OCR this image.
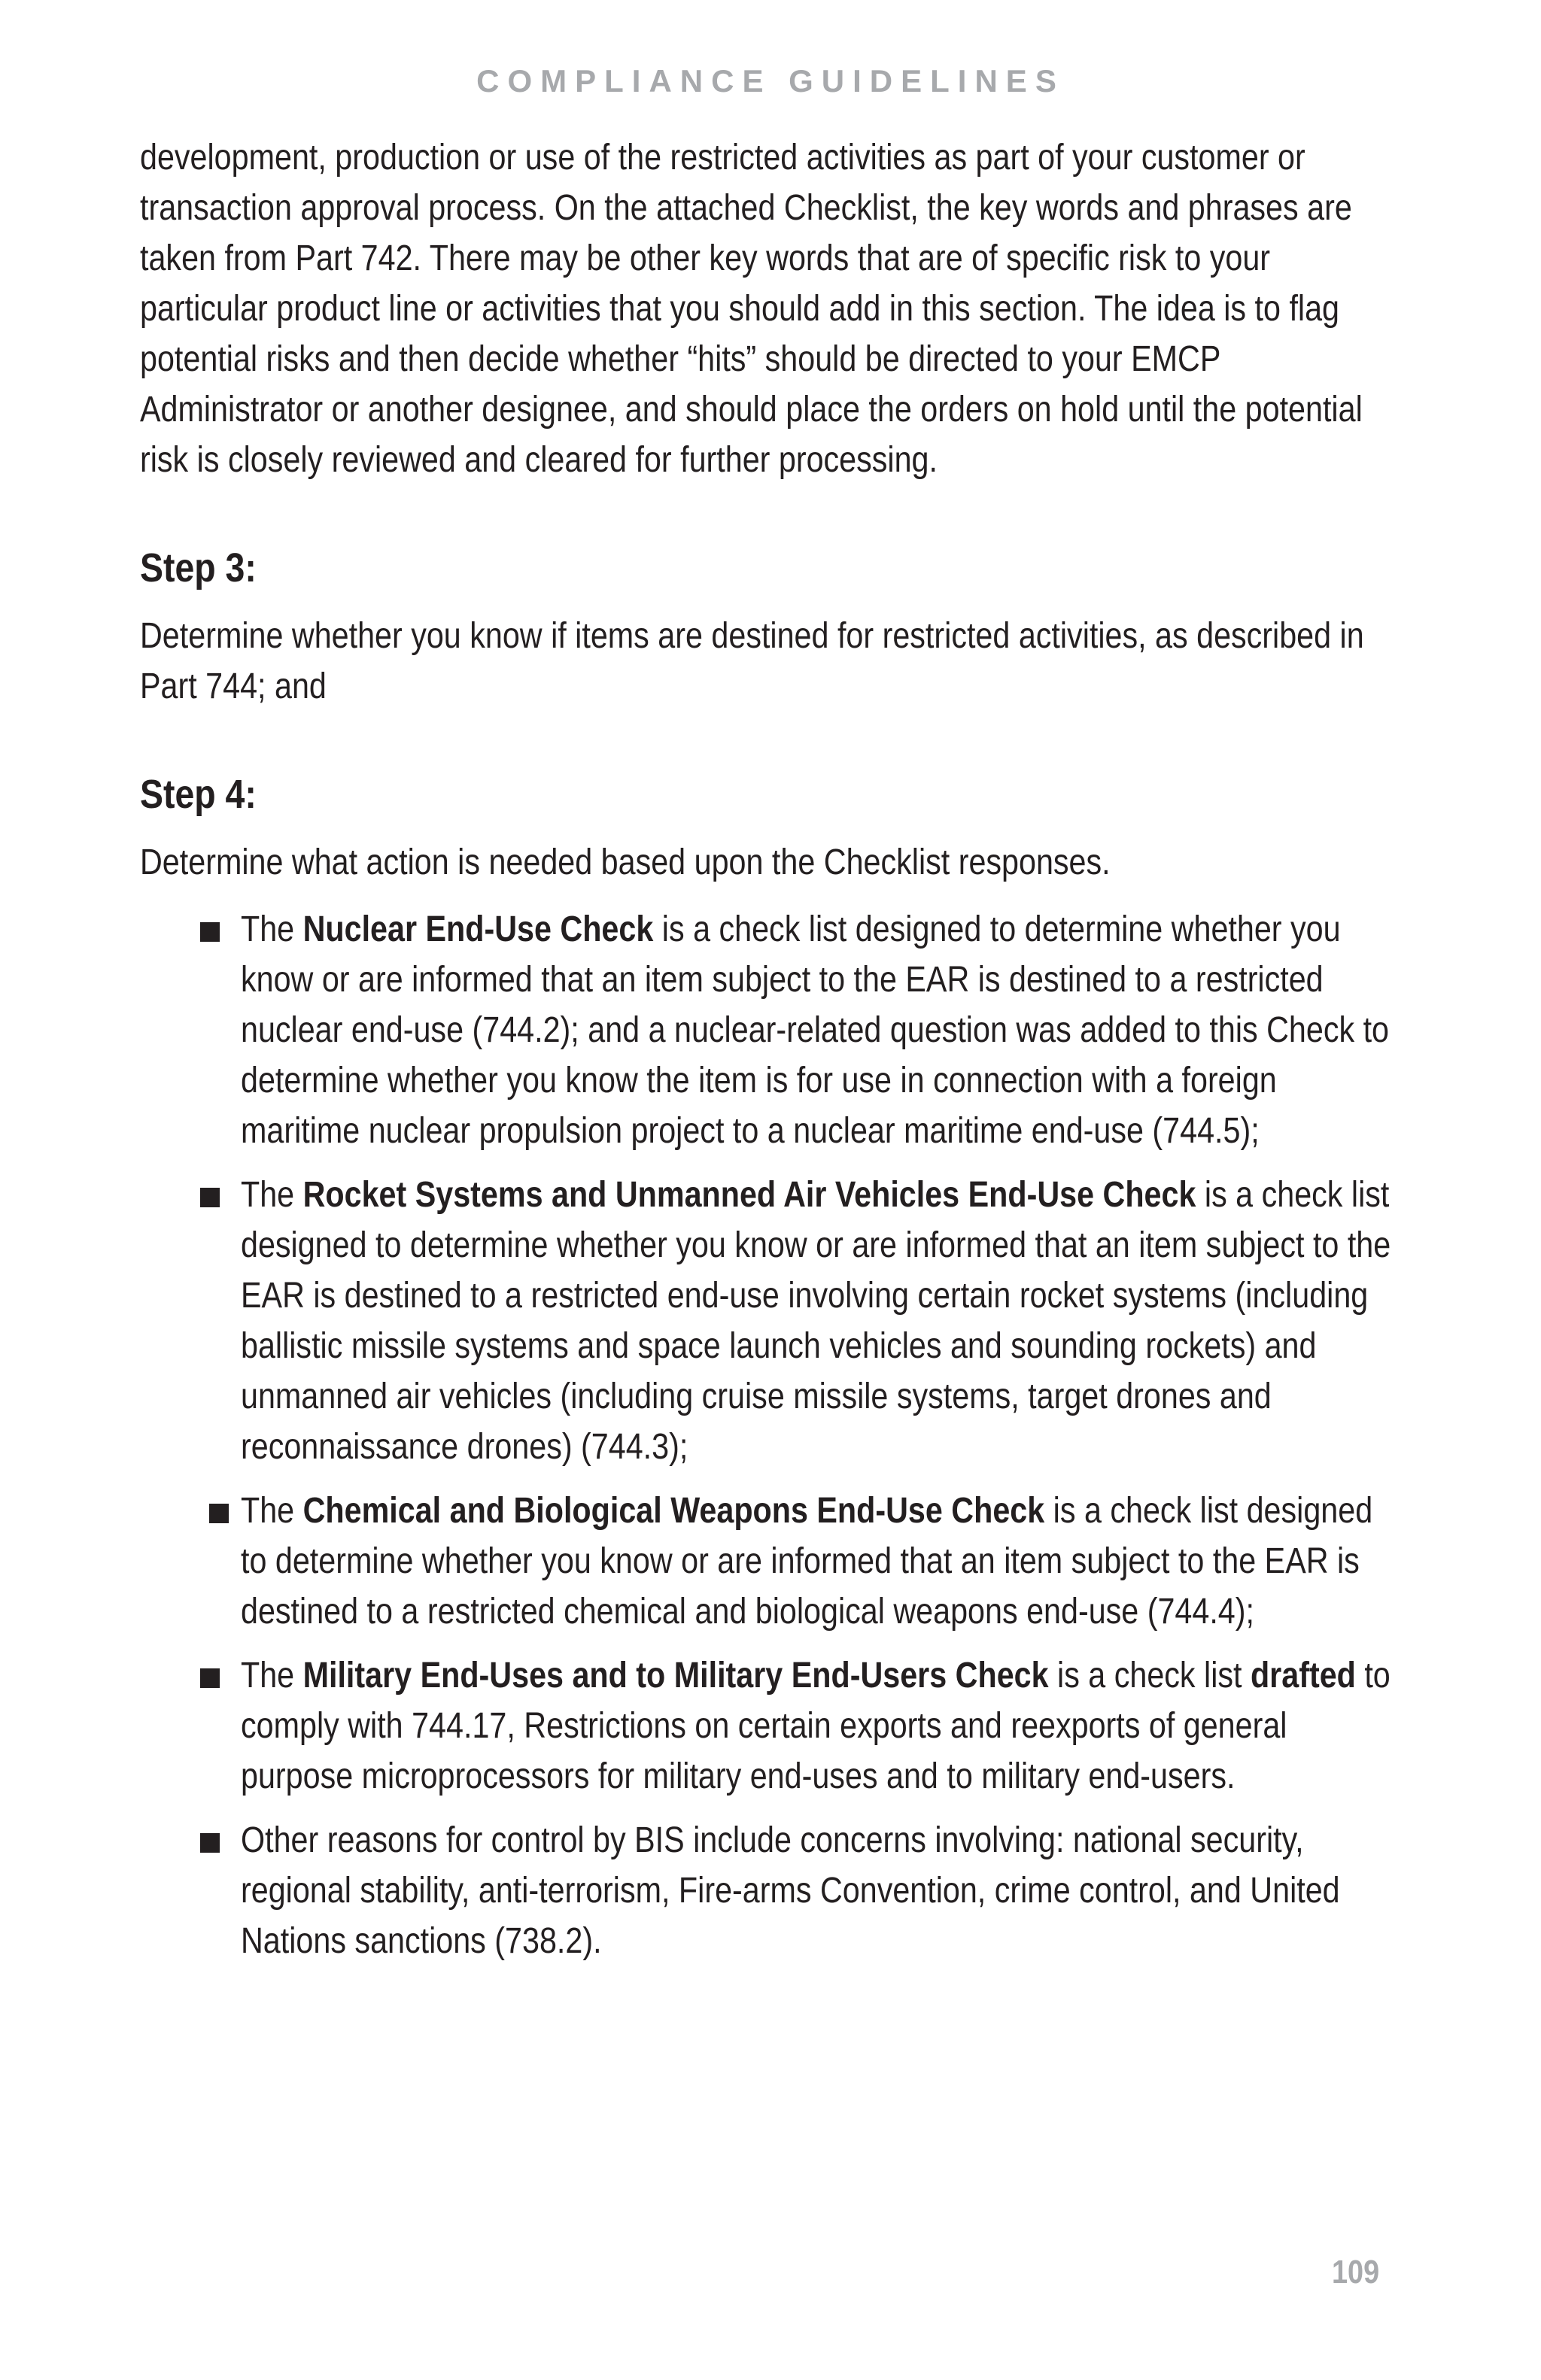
COMPLIANCE GUIDELINES

development, production or use of the restricted activities as part of your customer or transaction approval process. On the attached Checklist, the key words and phrases are taken from Part 742. There may be other key words that are of specific risk to your particular product line or activities that you should add in this section. The idea is to flag potential risks and then decide whether “hits” should be directed to your EMCP Administrator or another designee, and should place the orders on hold until the potential risk is closely reviewed and cleared for further processing.

Step 3:

Determine whether you know if items are destined for restricted activities, as described in Part 744; and

Step 4:

Determine what action is needed based upon the Checklist responses.

The Nuclear End-Use Check is a check list designed to determine whether you know or are informed that an item subject to the EAR is destined to a restricted nuclear end-use (744.2); and a nuclear-related question was added to this Check to determine whether you know the item is for use in connection with a foreign maritime nuclear propulsion project to a nuclear maritime end-use (744.5);

The Rocket Systems and Unmanned Air Vehicles End-Use Check is a check list designed to determine whether you know or are informed that an item subject to the EAR is destined to a restricted end-use involving certain rocket systems (including ballistic missile systems and space launch vehicles and sounding rockets) and unmanned air vehicles (including cruise missile systems, target drones and reconnaissance drones) (744.3);

The Chemical and Biological Weapons End-Use Check is a check list designed to determine whether you know or are informed that an item subject to the EAR is destined to a restricted chemical and biological weapons end-use (744.4);

The Military End-Uses and to Military End-Users Check is a check list drafted to comply with 744.17, Restrictions on certain exports and reexports of general purpose microprocessors for military end-uses and to military end-users.

Other reasons for control by BIS include concerns involving: national security, regional stability, anti-terrorism, Fire-arms Convention, crime control, and United Nations sanctions (738.2).

109
